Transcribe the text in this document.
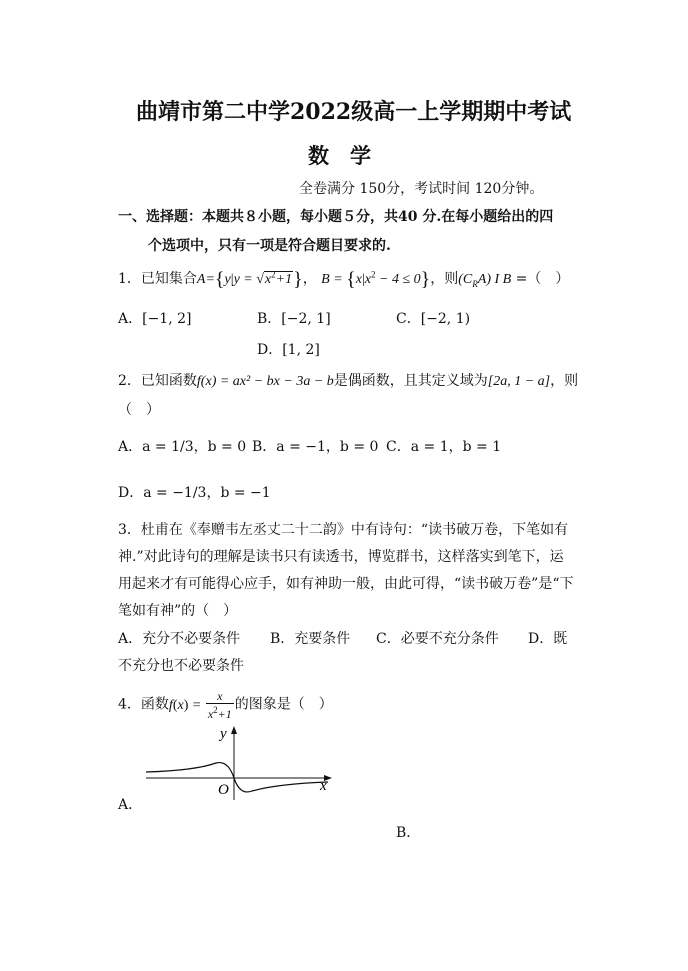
曲靖市第二中学2022级高一上学期期中考试
数　学
全卷满分 150分，考试时间 120分钟。
一、选择题：本题共８小题，每小题５分，共40 分.在每小题给出的四
个选项中，只有一项是符合题目要求的.
1．已知集合$A=\{y|y = √x^2+1\}$， $B = \{x|x^2 - 4 \le 0\}$，则$(C_RA)$ I B =（　）
A．[−1, 2]	B．[−2, 1]	C．[−2, 1)
D．[1, 2]
2．已知函数f(x) = ax² − bx − 3a − b是偶函数，且其定义域为[2a, 1 − a]，则
（　）
A．a = 1/3，b = 0 B．a = −1，b = 0 C．a = 1，b = 1
D．a = −1/3，b = −1
3．杜甫在《奉赠韦左丞丈二十二韵》中有诗句：“读书破万卷，下笔如有
神.”对此诗句的理解是读书只有读透书，博览群书，这样落实到笔下，运
用起来才有可能得心应手，如有神助一般，由此可得，“读书破万卷”是“下
笔如有神”的（　）
A．充分不必要条件 B．充要条件 C．必要不充分条件 D．既
不充分也不必要条件
4．函数$f(x) = \frac{x}{x^2+1}$ 的图象是（　）
y
x
O
A．
B．
